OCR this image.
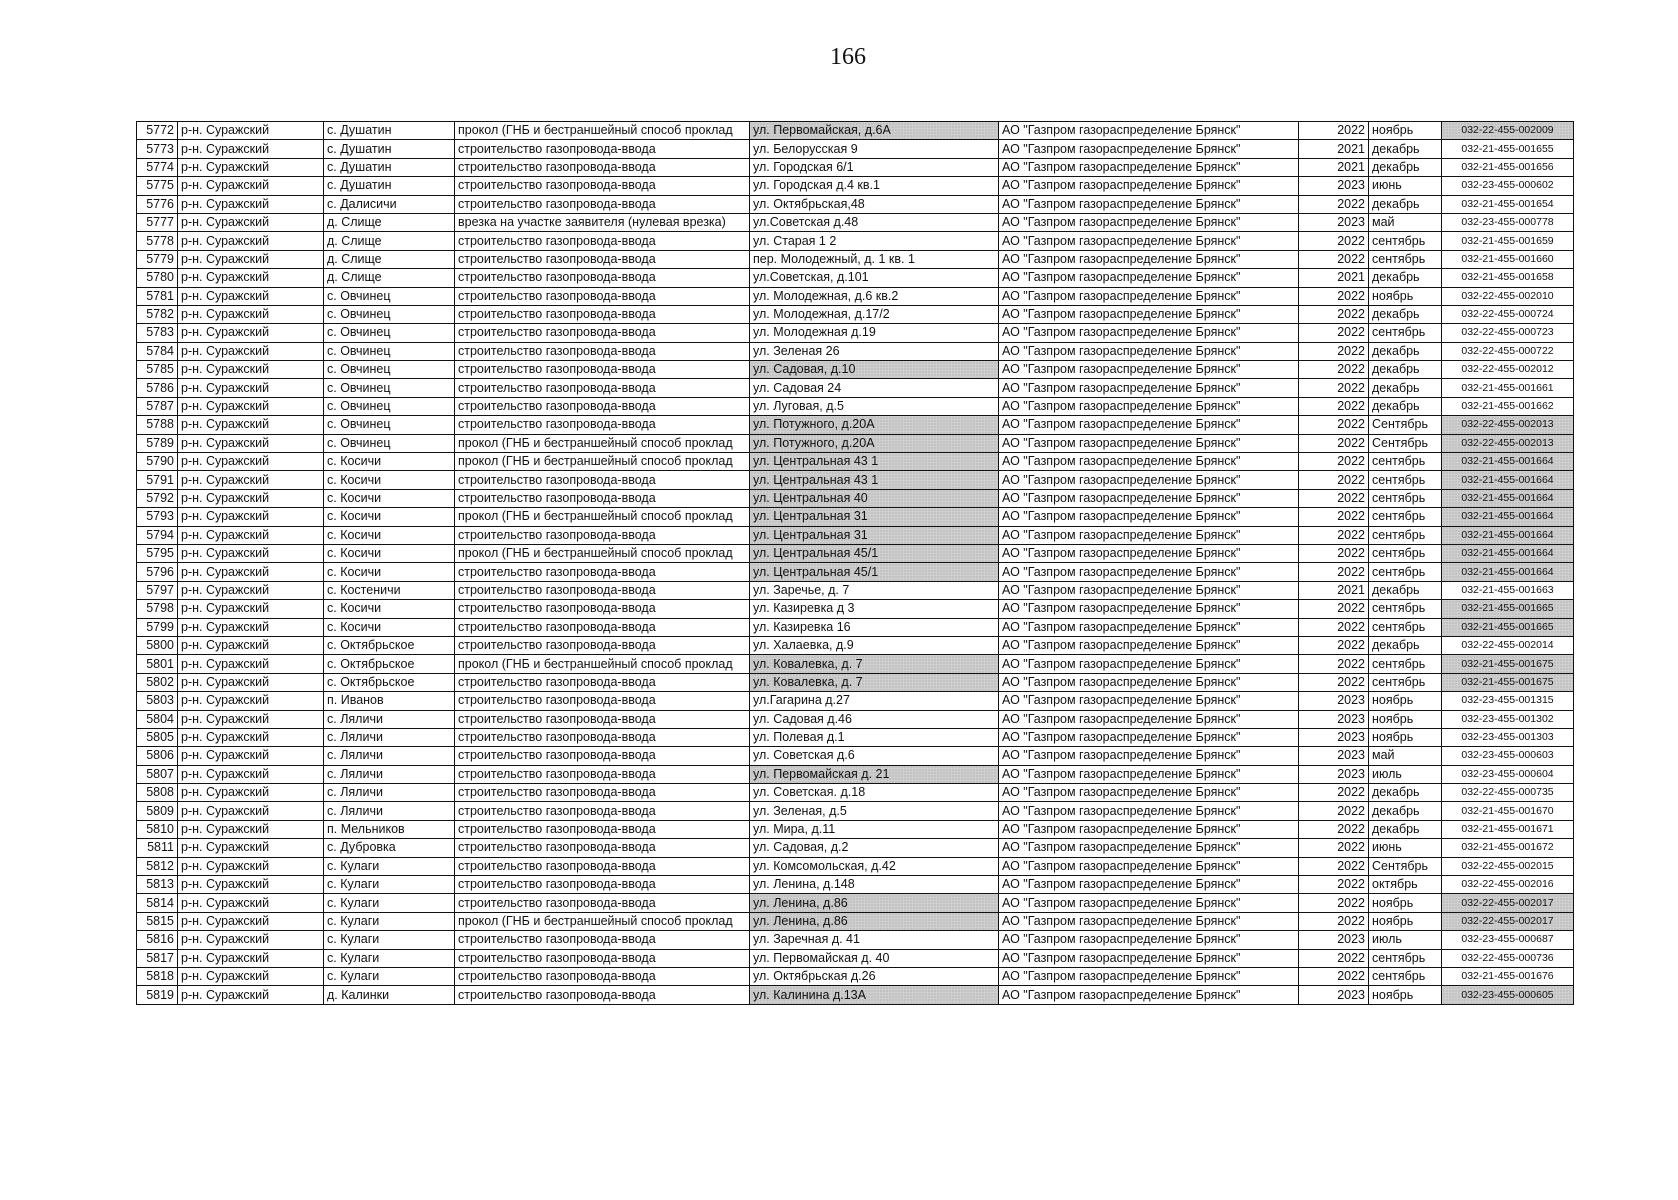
166
5772	р-н. Суражский	с. Душатин	прокол (ГНБ и бестраншейный способ проклад	ул. Первомайская, д.6А	АО "Газпром газораспределение Брянск"	2022	ноябрь	032-22-455-002009
5773	р-н. Суражский	с. Душатин	строительство газопровода-ввода	ул. Белорусская 9	АО "Газпром газораспределение Брянск"	2021	декабрь	032-21-455-001655
5774	р-н. Суражский	с. Душатин	строительство газопровода-ввода	ул. Городская 6/1	АО "Газпром газораспределение Брянск"	2021	декабрь	032-21-455-001656
5775	р-н. Суражский	с. Душатин	строительство газопровода-ввода	ул. Городская д.4 кв.1	АО "Газпром газораспределение Брянск"	2023	июнь	032-23-455-000602
5776	р-н. Суражский	с. Далисичи	строительство газопровода-ввода	ул. Октябрьская,48	АО "Газпром газораспределение Брянск"	2022	декабрь	032-21-455-001654
5777	р-н. Суражский	д. Слище	врезка на участке заявителя (нулевая врезка)	ул.Советская д.48	АО "Газпром газораспределение Брянск"	2023	май	032-23-455-000778
5778	р-н. Суражский	д. Слище	строительство газопровода-ввода	ул. Старая 1 2	АО "Газпром газораспределение Брянск"	2022	сентябрь	032-21-455-001659
5779	р-н. Суражский	д. Слище	строительство газопровода-ввода	пер. Молодежный, д. 1 кв. 1	АО "Газпром газораспределение Брянск"	2022	сентябрь	032-21-455-001660
5780	р-н. Суражский	д. Слище	строительство газопровода-ввода	ул.Советская, д.101	АО "Газпром газораспределение Брянск"	2021	декабрь	032-21-455-001658
5781	р-н. Суражский	с. Овчинец	строительство газопровода-ввода	ул. Молодежная, д.6 кв.2	АО "Газпром газораспределение Брянск"	2022	ноябрь	032-22-455-002010
5782	р-н. Суражский	с. Овчинец	строительство газопровода-ввода	ул. Молодежная, д.17/2	АО "Газпром газораспределение Брянск"	2022	декабрь	032-22-455-000724
5783	р-н. Суражский	с. Овчинец	строительство газопровода-ввода	ул. Молодежная д.19	АО "Газпром газораспределение Брянск"	2022	сентябрь	032-22-455-000723
5784	р-н. Суражский	с. Овчинец	строительство газопровода-ввода	ул. Зеленая 26	АО "Газпром газораспределение Брянск"	2022	декабрь	032-22-455-000722
5785	р-н. Суражский	с. Овчинец	строительство газопровода-ввода	ул. Садовая, д.10	АО "Газпром газораспределение Брянск"	2022	декабрь	032-22-455-002012
5786	р-н. Суражский	с. Овчинец	строительство газопровода-ввода	ул. Садовая 24	АО "Газпром газораспределение Брянск"	2022	декабрь	032-21-455-001661
5787	р-н. Суражский	с. Овчинец	строительство газопровода-ввода	ул. Луговая, д.5	АО "Газпром газораспределение Брянск"	2022	декабрь	032-21-455-001662
5788	р-н. Суражский	с. Овчинец	строительство газопровода-ввода	ул. Потужного, д.20А	АО "Газпром газораспределение Брянск"	2022	Сентябрь	032-22-455-002013
5789	р-н. Суражский	с. Овчинец	прокол (ГНБ и бестраншейный способ проклад	ул. Потужного, д.20А	АО "Газпром газораспределение Брянск"	2022	Сентябрь	032-22-455-002013
5790	р-н. Суражский	с. Косичи	прокол (ГНБ и бестраншейный способ проклад	ул. Центральная 43 1	АО "Газпром газораспределение Брянск"	2022	сентябрь	032-21-455-001664
5791	р-н. Суражский	с. Косичи	строительство газопровода-ввода	ул. Центральная 43 1	АО "Газпром газораспределение Брянск"	2022	сентябрь	032-21-455-001664
5792	р-н. Суражский	с. Косичи	строительство газопровода-ввода	ул. Центральная 40	АО "Газпром газораспределение Брянск"	2022	сентябрь	032-21-455-001664
5793	р-н. Суражский	с. Косичи	прокол (ГНБ и бестраншейный способ проклад	ул. Центральная 31	АО "Газпром газораспределение Брянск"	2022	сентябрь	032-21-455-001664
5794	р-н. Суражский	с. Косичи	строительство газопровода-ввода	ул. Центральная 31	АО "Газпром газораспределение Брянск"	2022	сентябрь	032-21-455-001664
5795	р-н. Суражский	с. Косичи	прокол (ГНБ и бестраншейный способ проклад	ул. Центральная 45/1	АО "Газпром газораспределение Брянск"	2022	сентябрь	032-21-455-001664
5796	р-н. Суражский	с. Косичи	строительство газопровода-ввода	ул. Центральная 45/1	АО "Газпром газораспределение Брянск"	2022	сентябрь	032-21-455-001664
5797	р-н. Суражский	с. Костеничи	строительство газопровода-ввода	ул. Заречье, д. 7	АО "Газпром газораспределение Брянск"	2021	декабрь	032-21-455-001663
5798	р-н. Суражский	с. Косичи	строительство газопровода-ввода	ул. Казиревка д 3	АО "Газпром газораспределение Брянск"	2022	сентябрь	032-21-455-001665
5799	р-н. Суражский	с. Косичи	строительство газопровода-ввода	ул. Казиревка 16	АО "Газпром газораспределение Брянск"	2022	сентябрь	032-21-455-001665
5800	р-н. Суражский	с. Октябрьское	строительство газопровода-ввода	ул. Халаевка, д.9	АО "Газпром газораспределение Брянск"	2022	декабрь	032-22-455-002014
5801	р-н. Суражский	с. Октябрьское	прокол (ГНБ и бестраншейный способ проклад	ул. Ковалевка, д. 7	АО "Газпром газораспределение Брянск"	2022	сентябрь	032-21-455-001675
5802	р-н. Суражский	с. Октябрьское	строительство газопровода-ввода	ул. Ковалевка, д. 7	АО "Газпром газораспределение Брянск"	2022	сентябрь	032-21-455-001675
5803	р-н. Суражский	п. Иванов	строительство газопровода-ввода	ул.Гагарина д.27	АО "Газпром газораспределение Брянск"	2023	ноябрь	032-23-455-001315
5804	р-н. Суражский	с. Ляличи	строительство газопровода-ввода	ул. Садовая д.46	АО "Газпром газораспределение Брянск"	2023	ноябрь	032-23-455-001302
5805	р-н. Суражский	с. Ляличи	строительство газопровода-ввода	ул. Полевая д.1	АО "Газпром газораспределение Брянск"	2023	ноябрь	032-23-455-001303
5806	р-н. Суражский	с. Ляличи	строительство газопровода-ввода	ул. Советская д.6	АО "Газпром газораспределение Брянск"	2023	май	032-23-455-000603
5807	р-н. Суражский	с. Ляличи	строительство газопровода-ввода	ул. Первомайская д. 21	АО "Газпром газораспределение Брянск"	2023	июль	032-23-455-000604
5808	р-н. Суражский	с. Ляличи	строительство газопровода-ввода	ул. Советская. д.18	АО "Газпром газораспределение Брянск"	2022	декабрь	032-22-455-000735
5809	р-н. Суражский	с. Ляличи	строительство газопровода-ввода	ул. Зеленая, д.5	АО "Газпром газораспределение Брянск"	2022	декабрь	032-21-455-001670
5810	р-н. Суражский	п. Мельников	строительство газопровода-ввода	ул. Мира, д.11	АО "Газпром газораспределение Брянск"	2022	декабрь	032-21-455-001671
5811	р-н. Суражский	с. Дубровка	строительство газопровода-ввода	ул. Садовая, д.2	АО "Газпром газораспределение Брянск"	2022	июнь	032-21-455-001672
5812	р-н. Суражский	с. Кулаги	строительство газопровода-ввода	ул. Комсомольская, д.42	АО "Газпром газораспределение Брянск"	2022	Сентябрь	032-22-455-002015
5813	р-н. Суражский	с. Кулаги	строительство газопровода-ввода	ул. Ленина, д.148	АО "Газпром газораспределение Брянск"	2022	октябрь	032-22-455-002016
5814	р-н. Суражский	с. Кулаги	строительство газопровода-ввода	ул. Ленина, д.86	АО "Газпром газораспределение Брянск"	2022	ноябрь	032-22-455-002017
5815	р-н. Суражский	с. Кулаги	прокол (ГНБ и бестраншейный способ проклад	ул. Ленина, д.86	АО "Газпром газораспределение Брянск"	2022	ноябрь	032-22-455-002017
5816	р-н. Суражский	с. Кулаги	строительство газопровода-ввода	ул. Заречная д. 41	АО "Газпром газораспределение Брянск"	2023	июль	032-23-455-000687
5817	р-н. Суражский	с. Кулаги	строительство газопровода-ввода	ул. Первомайская д. 40	АО "Газпром газораспределение Брянск"	2022	сентябрь	032-22-455-000736
5818	р-н. Суражский	с. Кулаги	строительство газопровода-ввода	ул. Октябрьская д.26	АО "Газпром газораспределение Брянск"	2022	сентябрь	032-21-455-001676
5819	р-н. Суражский	д. Калинки	строительство газопровода-ввода	ул. Калинина д.13А	АО "Газпром газораспределение Брянск"	2023	ноябрь	032-23-455-000605
